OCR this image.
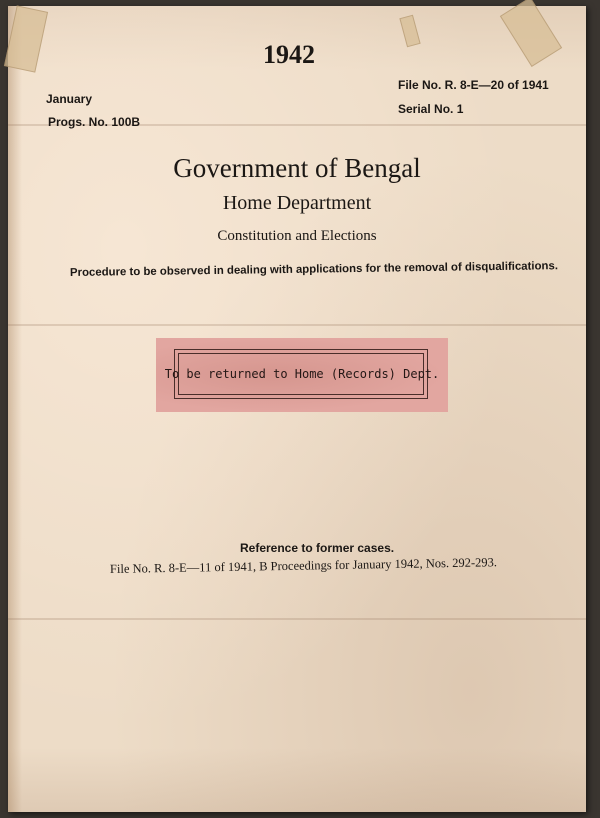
1942
January
Progs. No. 100B
File No. R. 8-E—20 of 1941
Serial No. 1
Government of Bengal
Home Department
Constitution and Elections
Procedure to be observed in dealing with applications for the removal of disqualifications.
To be returned to Home (Records) Dept.
Reference to former cases.
File No. R. 8-E—11 of 1941, B Proceedings for January 1942, Nos. 292-293.
